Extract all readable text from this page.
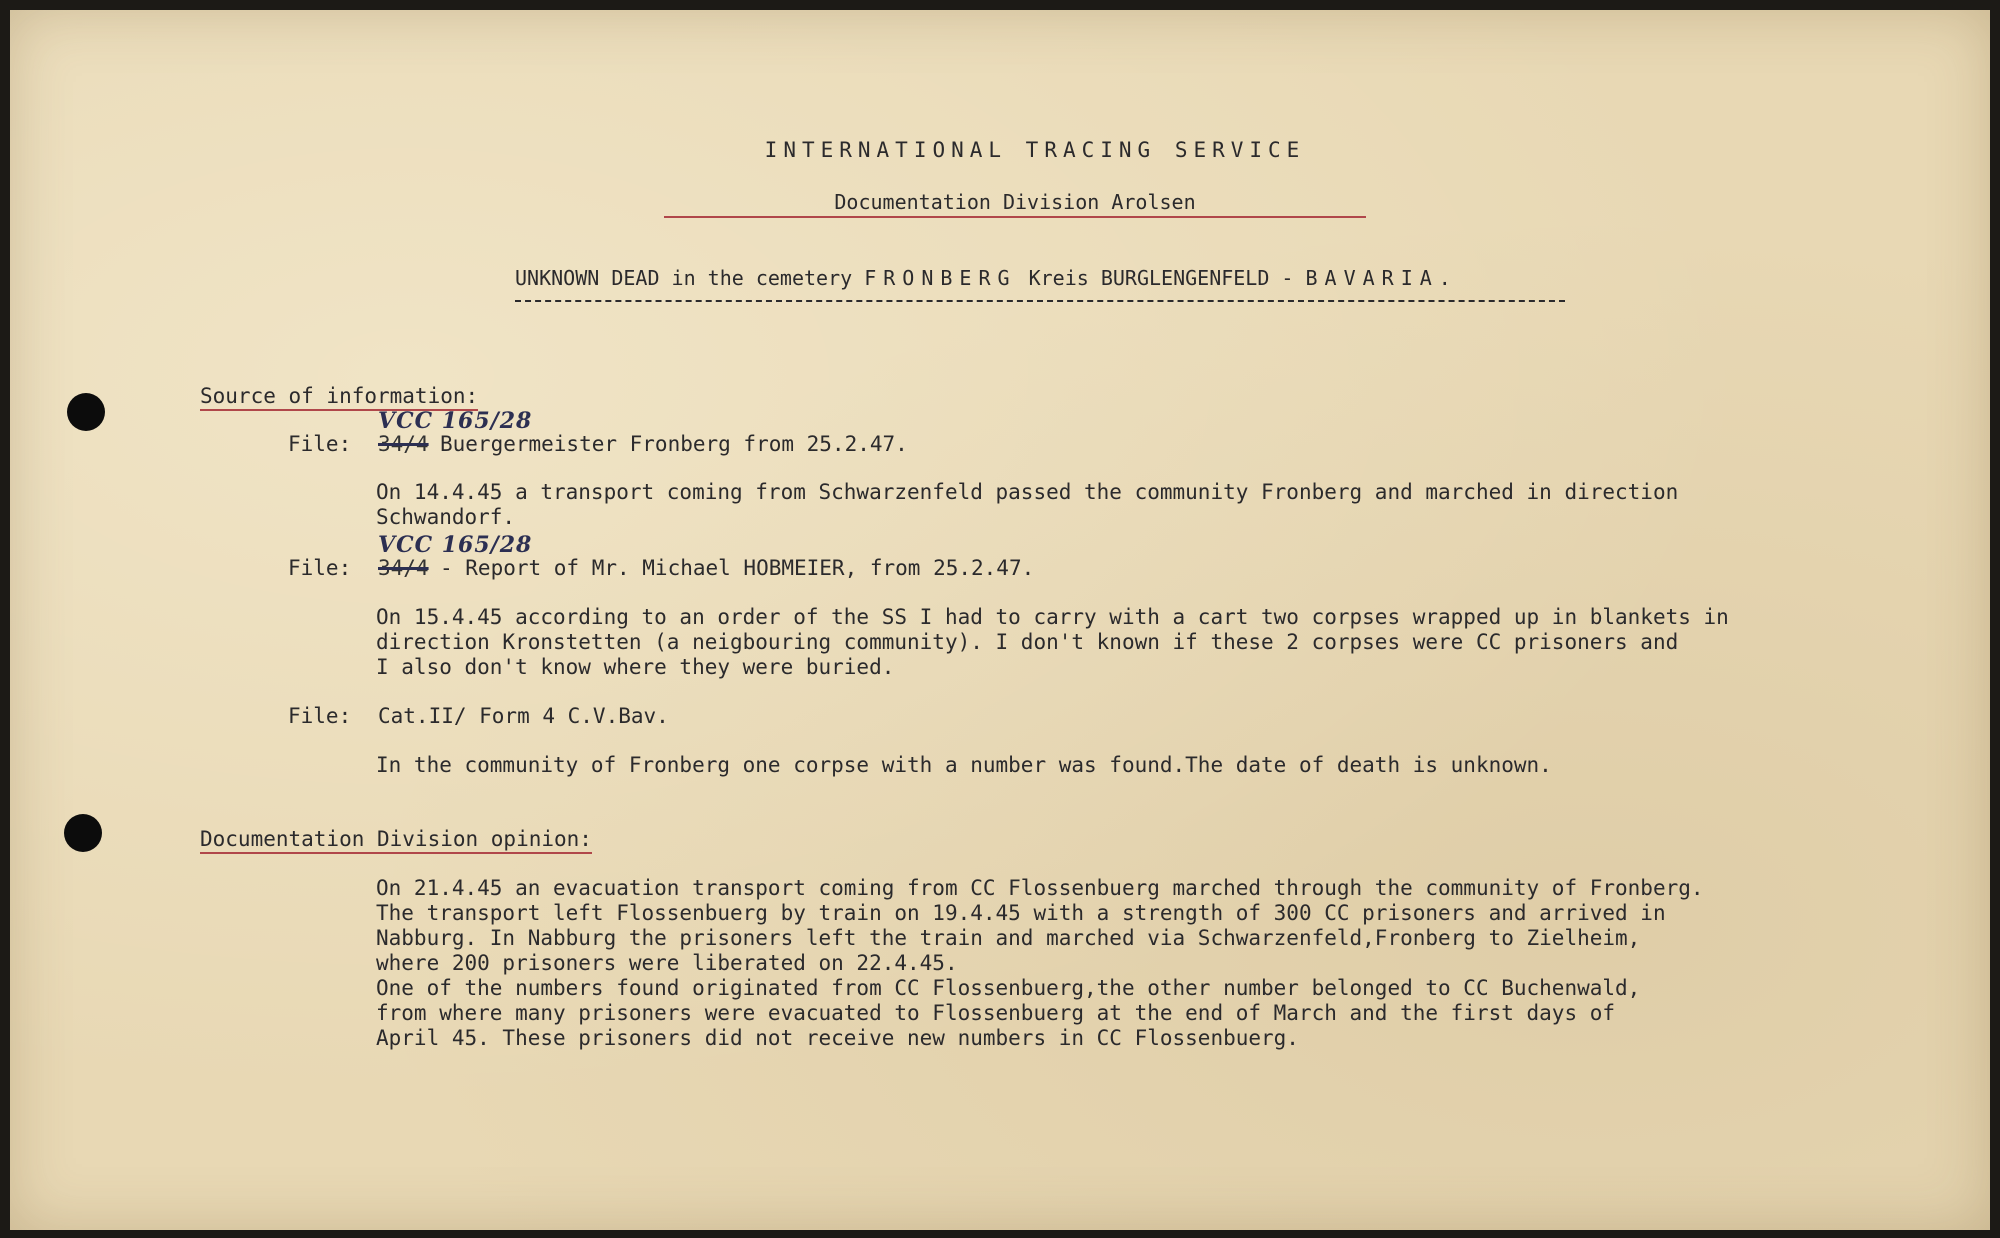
INTERNATIONAL TRACING SERVICE
Documentation Division Arolsen
UNKNOWN DEAD in the cemetery FRONBERG Kreis BURGLENGENFELD - BAVARIA.
Source of information:
VCC 165/28
File: 34/4 Buergermeister Fronberg from 25.2.47.
On 14.4.45 a transport coming from Schwarzenfeld passed the community Fronberg and marched in direction
Schwandorf.
VCC 165/28
File: 34/4 - Report of Mr. Michael HOBMEIER, from 25.2.47.
On 15.4.45 according to an order of the SS I had to carry with a cart two corpses wrapped up in blankets in
direction Kronstetten (a neigbouring community). I don't known if these 2 corpses were CC prisoners and
I also don't know where they were buried.
File: Cat.II/ Form 4 C.V.Bav.
In the community of Fronberg one corpse with a number was found.The date of death is unknown.
Documentation Division opinion:
On 21.4.45 an evacuation transport coming from CC Flossenbuerg marched through the community of Fronberg.
The transport left Flossenbuerg by train on 19.4.45 with a strength of 300 CC prisoners and arrived in
Nabburg. In Nabburg the prisoners left the train and marched via Schwarzenfeld,Fronberg to Zielheim,
where 200 prisoners were liberated on 22.4.45.
One of the numbers found originated from CC Flossenbuerg,the other number belonged to CC Buchenwald,
from where many prisoners were evacuated to Flossenbuerg at the end of March and the first days of
April 45. These prisoners did not receive new numbers in CC Flossenbuerg.
